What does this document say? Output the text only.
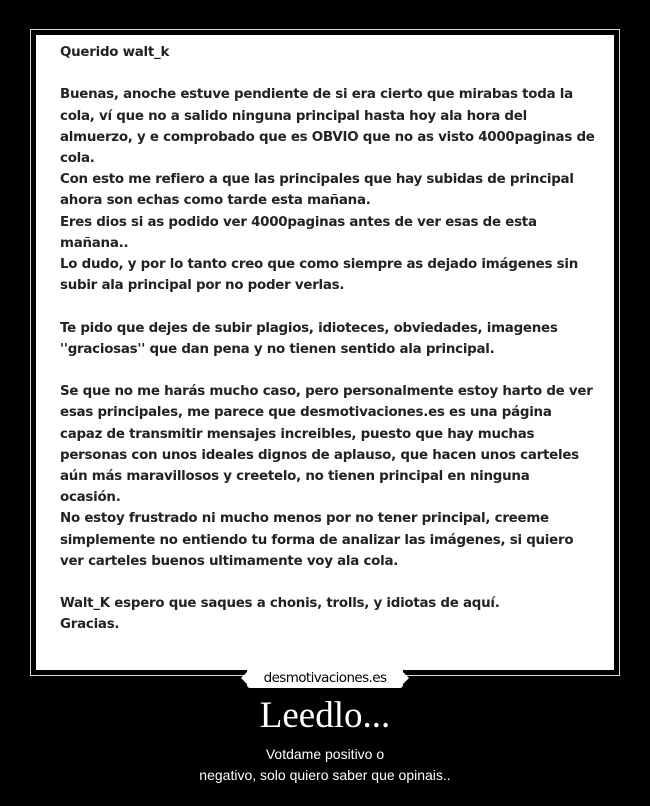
Querido walt_k
Buenas, anoche estuve pendiente de si era cierto que mirabas toda la
cola, ví que no a salido ninguna principal hasta hoy ala hora del
almuerzo, y e comprobado que es OBVIO que no as visto 4000paginas de
cola.
Con esto me refiero a que las principales que hay subidas de principal
ahora son echas como tarde esta mañana.
Eres dios si as podido ver 4000paginas antes de ver esas de esta
mañana..
Lo dudo, y por lo tanto creo que como siempre as dejado imágenes sin
subir ala principal por no poder verlas.
Te pido que dejes de subir plagios, idioteces, obviedades, imagenes
''graciosas'' que dan pena y no tienen sentido ala principal.
Se que no me harás mucho caso, pero personalmente estoy harto de ver
esas principales, me parece que desmotivaciones.es es una página
capaz de transmitir mensajes increibles, puesto que hay muchas
personas con unos ideales dignos de aplauso, que hacen unos carteles
aún más maravillosos y creetelo, no tienen principal en ninguna
ocasión.
No estoy frustrado ni mucho menos por no tener principal, creeme
simplemente no entiendo tu forma de analizar las imágenes, si quiero
ver carteles buenos ultimamente voy ala cola.
Walt_K espero que saques a chonis, trolls, y idiotas de aquí.
Gracias.
desmotivaciones.es
Leedlo...
Votdame positivo o
negativo, solo quiero saber que opinais..
